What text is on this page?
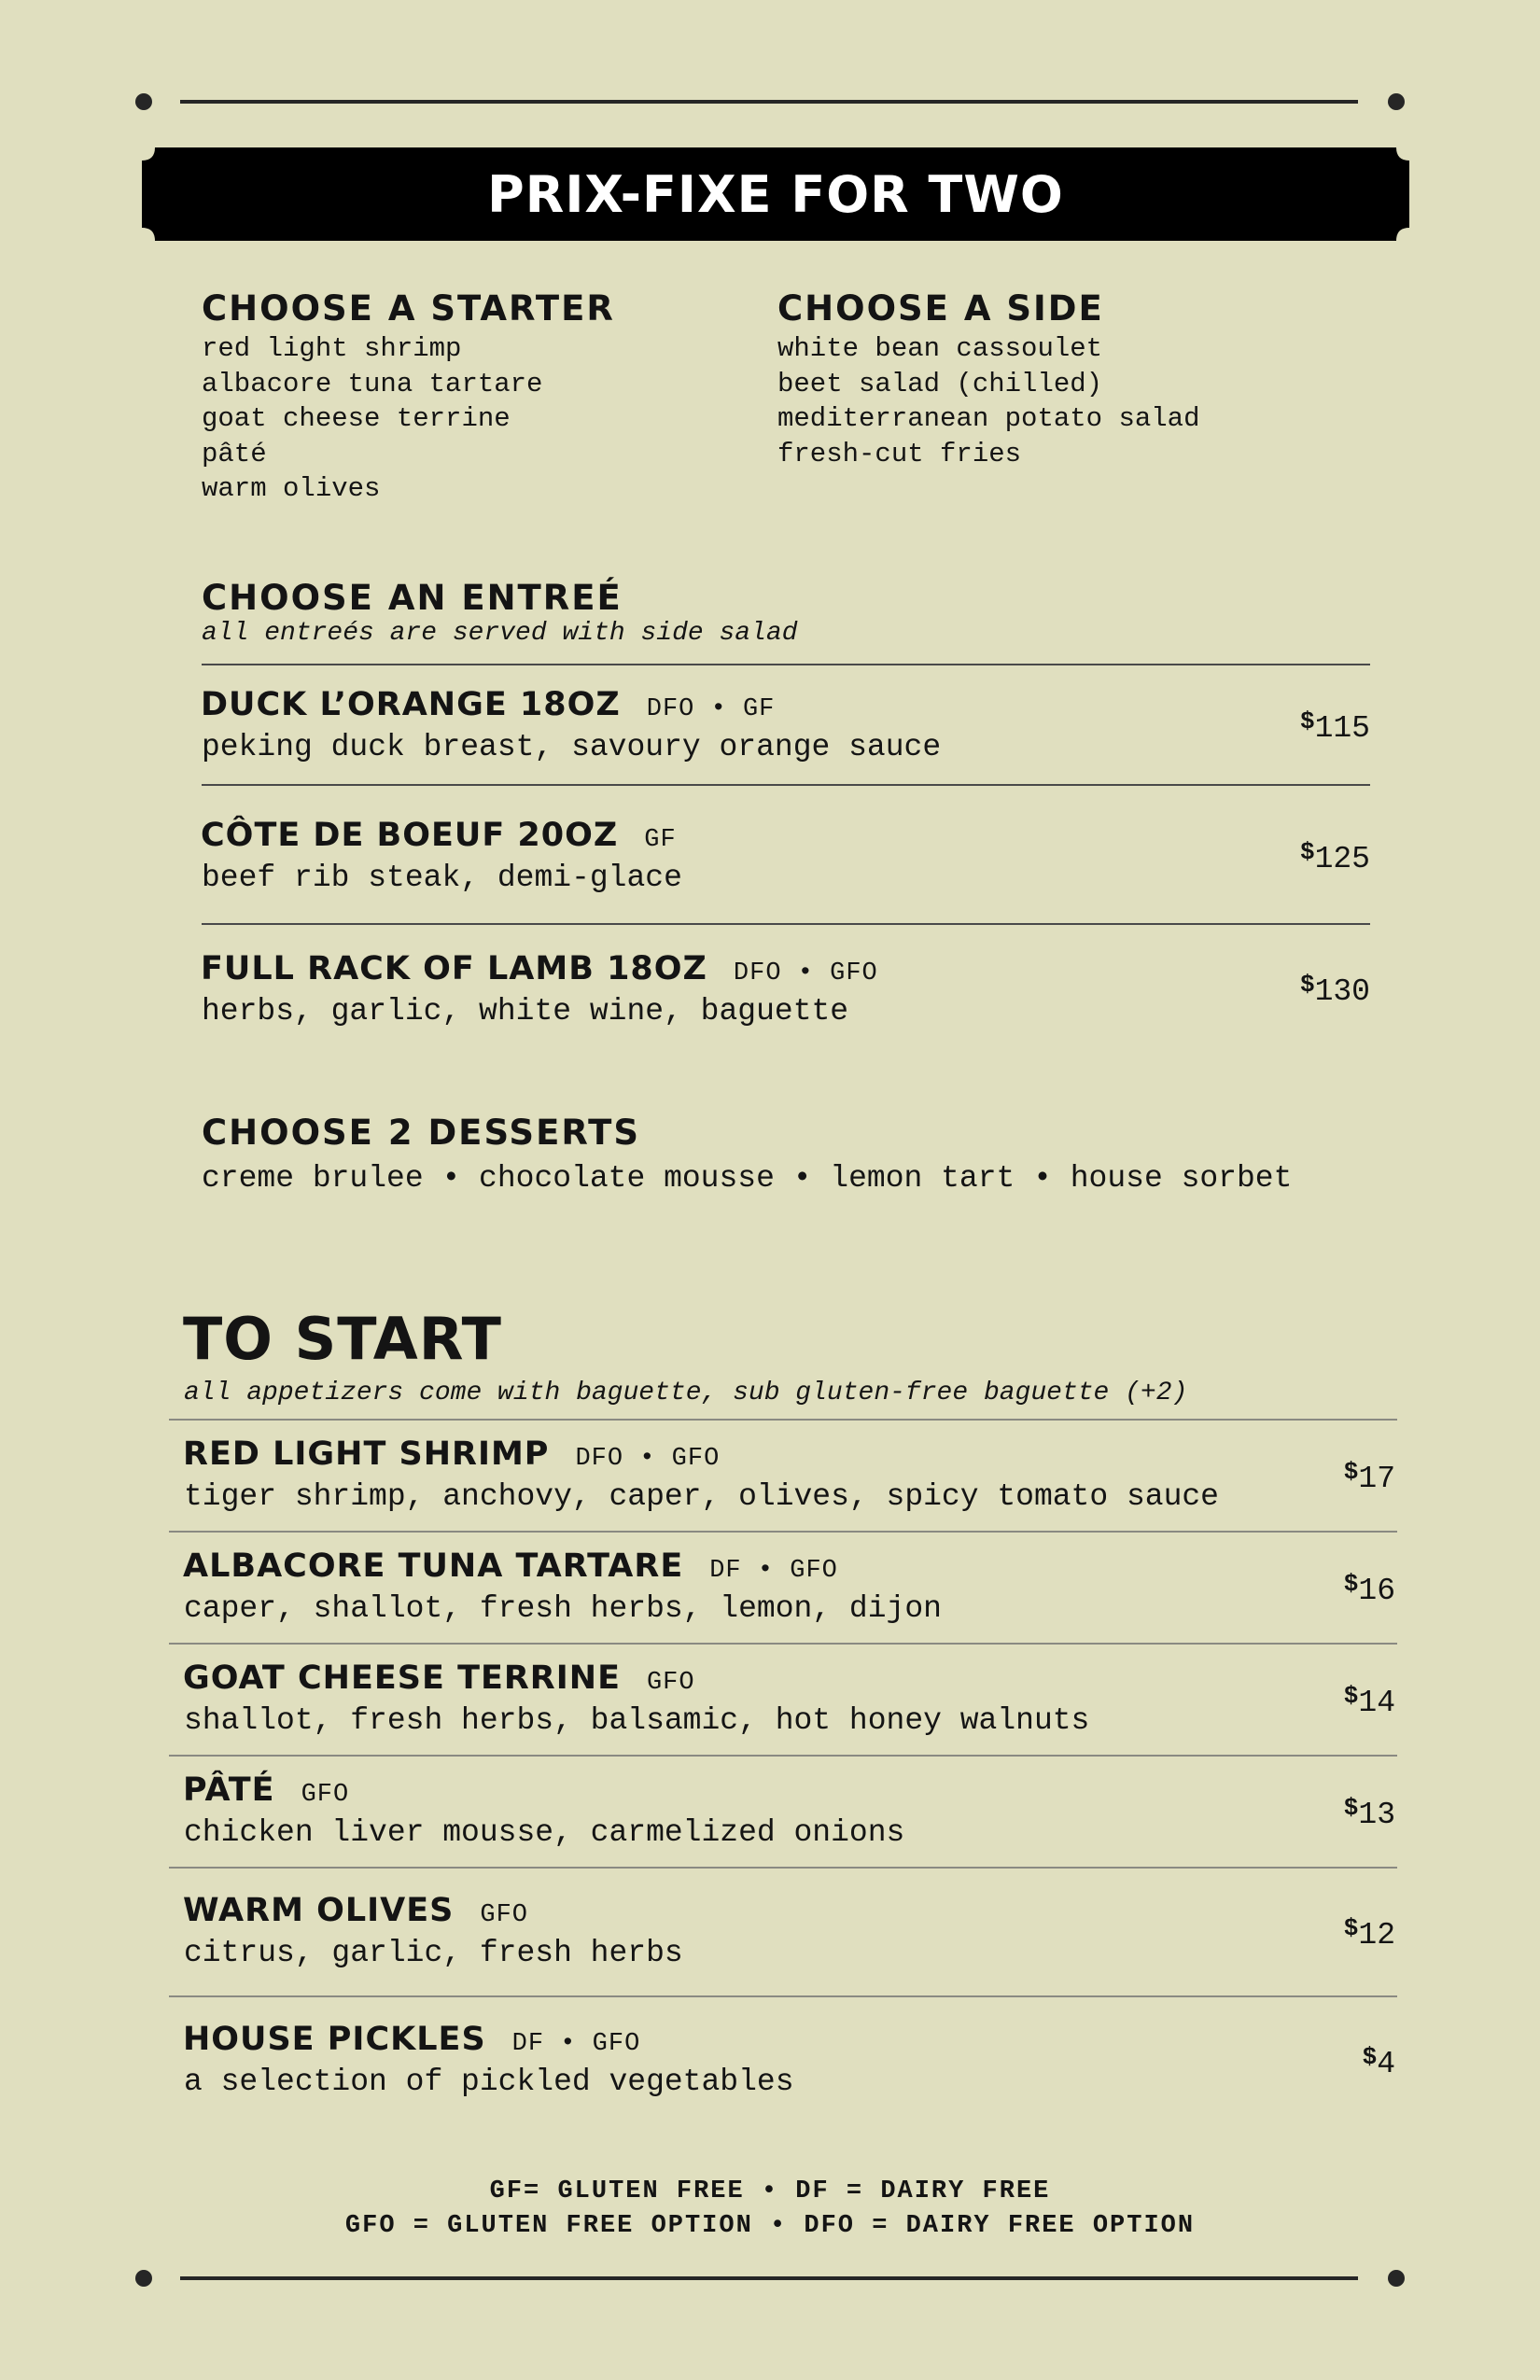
PRIX-FIXE FOR TWO
CHOOSE A STARTER
red light shrimp
albacore tuna tartare
goat cheese terrine
pâté
warm olives
CHOOSE A SIDE
white bean cassoulet
beet salad (chilled)
mediterranean potato salad
fresh-cut fries
CHOOSE AN ENTREÉ
all entreés are served with side salad
DUCK L’ORANGE 18OZ DFO • GF
peking duck breast, savoury orange sauce
$115
CÔTE DE BOEUF 20OZ GF
beef rib steak, demi-glace
$125
FULL RACK OF LAMB 18OZ DFO • GFO
herbs, garlic, white wine, baguette
$130
CHOOSE 2 DESSERTS
creme brulee • chocolate mousse • lemon tart • house sorbet
TO START
all appetizers come with baguette, sub gluten-free baguette (+2)
RED LIGHT SHRIMP DFO • GFO
tiger shrimp, anchovy, caper, olives, spicy tomato sauce
$17
ALBACORE TUNA TARTARE DF • GFO
caper, shallot, fresh herbs, lemon, dijon
$16
GOAT CHEESE TERRINE GFO
shallot, fresh herbs, balsamic, hot honey walnuts
$14
PÂTÉ GFO
chicken liver mousse, carmelized onions
$13
WARM OLIVES GFO
citrus, garlic, fresh herbs
$12
HOUSE PICKLES DF • GFO
a selection of pickled vegetables
$4
GF= GLUTEN FREE • DF = DAIRY FREE
GFO = GLUTEN FREE OPTION • DFO = DAIRY FREE OPTION
